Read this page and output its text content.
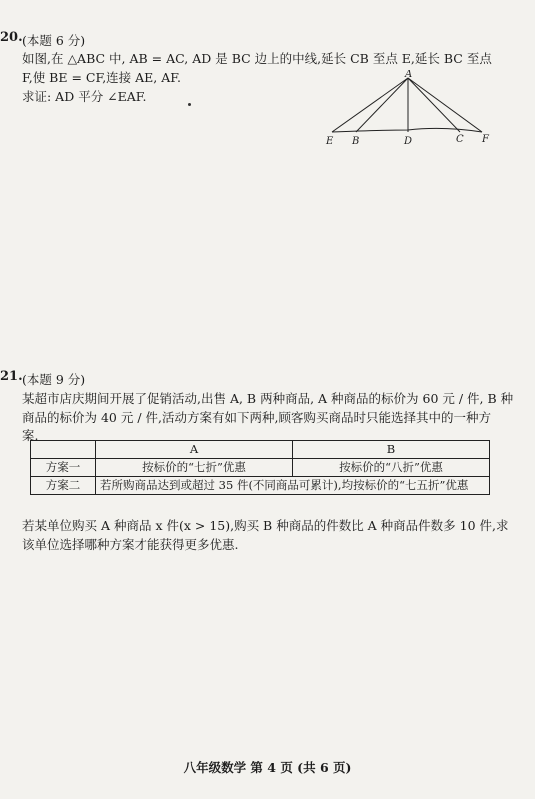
20. (本题 6 分)
如图,在 △ABC 中, AB = AC, AD 是 BC 边上的中线,延长 CB 至点 E,延长 BC 至点
F,使 BE = CF,连接 AE, AF.
求证: AD 平分 ∠EAF.
A
E B	D	C F
21. (本题 9 分)
某超市店庆期间开展了促销活动,出售 A, B 两种商品, A 种商品的标价为 60 元 / 件, B 种
商品的标价为 40 元 / 件,活动方案有如下两种,顾客购买商品时只能选择其中的一种方
案.
	A	B
方案一	按标价的“七折”优惠	按标价的“八折”优惠
方案二	若所购商品达到或超过 35 件(不同商品可累计),均按标价的“七五折”优惠	
若某单位购买 A 种商品 x 件(x > 15),购买 B 种商品的件数比 A 种商品件数多 10 件,求
该单位选择哪种方案才能获得更多优惠.
八年级数学 第 4 页 (共 6 页)
